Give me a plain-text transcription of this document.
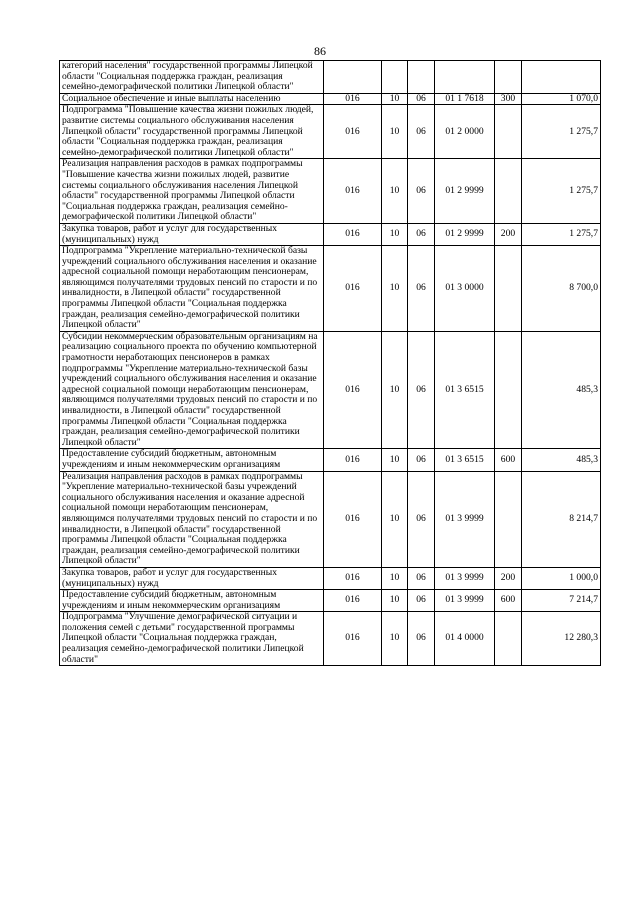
86
категорий населения" государственной программы Липецкой области "Социальная поддержка граждан, реализация семейно-демографической политики Липецкой области"						
Социальное обеспечение и иные выплаты населению	016	10	06	01 1 7618	300	1 070,0
Подпрограмма "Повышение качества жизни пожилых людей, развитие системы социального обслуживания населения Липецкой области" государственной программы Липецкой области "Социальная поддержка граждан, реализация семейно-демографической политики Липецкой области"	016	10	06	01 2 0000		1 275,7
Реализация направления расходов в рамках подпрограммы "Повышение качества жизни пожилых людей, развитие системы социального обслуживания населения Липецкой области" государственной программы Липецкой области "Социальная поддержка граждан, реализация семейно-демографической политики Липецкой области"	016	10	06	01 2 9999		1 275,7
Закупка товаров, работ и услуг для государственных (муниципальных) нужд	016	10	06	01 2 9999	200	1 275,7
Подпрограмма "Укрепление материально-технической базы учреждений социального обслуживания населения и оказание адресной социальной помощи неработающим пенсионерам, являющимся получателями трудовых пенсий по старости и по инвалидности, в Липецкой области" государственной программы Липецкой области "Социальная поддержка граждан, реализация семейно-демографической политики Липецкой области"	016	10	06	01 3 0000		8 700,0
Субсидии некоммерческим образовательным организациям на реализацию социального проекта по обучению компьютерной грамотности неработающих пенсионеров в рамках подпрограммы "Укрепление материально-технической базы учреждений социального обслуживания населения и оказание адресной социальной помощи неработающим пенсионерам, являющимся получателями трудовых пенсий по старости и по инвалидности, в Липецкой области" государственной программы Липецкой области "Социальная поддержка граждан, реализация семейно-демографической политики Липецкой области"	016	10	06	01 3 6515		485,3
Предоставление субсидий бюджетным, автономным учреждениям и иным некоммерческим организациям	016	10	06	01 3 6515	600	485,3
Реализация направления расходов в рамках подпрограммы "Укрепление материально-технической базы учреждений социального обслуживания населения и оказание адресной социальной помощи неработающим пенсионерам, являющимся получателями трудовых пенсий по старости и по инвалидности, в Липецкой области" государственной программы Липецкой области "Социальная поддержка граждан, реализация семейно-демографической политики Липецкой области"	016	10	06	01 3 9999		8 214,7
Закупка товаров, работ и услуг для государственных (муниципальных) нужд	016	10	06	01 3 9999	200	1 000,0
Предоставление субсидий бюджетным, автономным учреждениям и иным некоммерческим организациям	016	10	06	01 3 9999	600	7 214,7
Подпрограмма "Улучшение демографической ситуации и положения семей с детьми" государственной программы Липецкой области "Социальная поддержка граждан, реализация семейно-демографической политики Липецкой области"	016	10	06	01 4 0000		12 280,3
